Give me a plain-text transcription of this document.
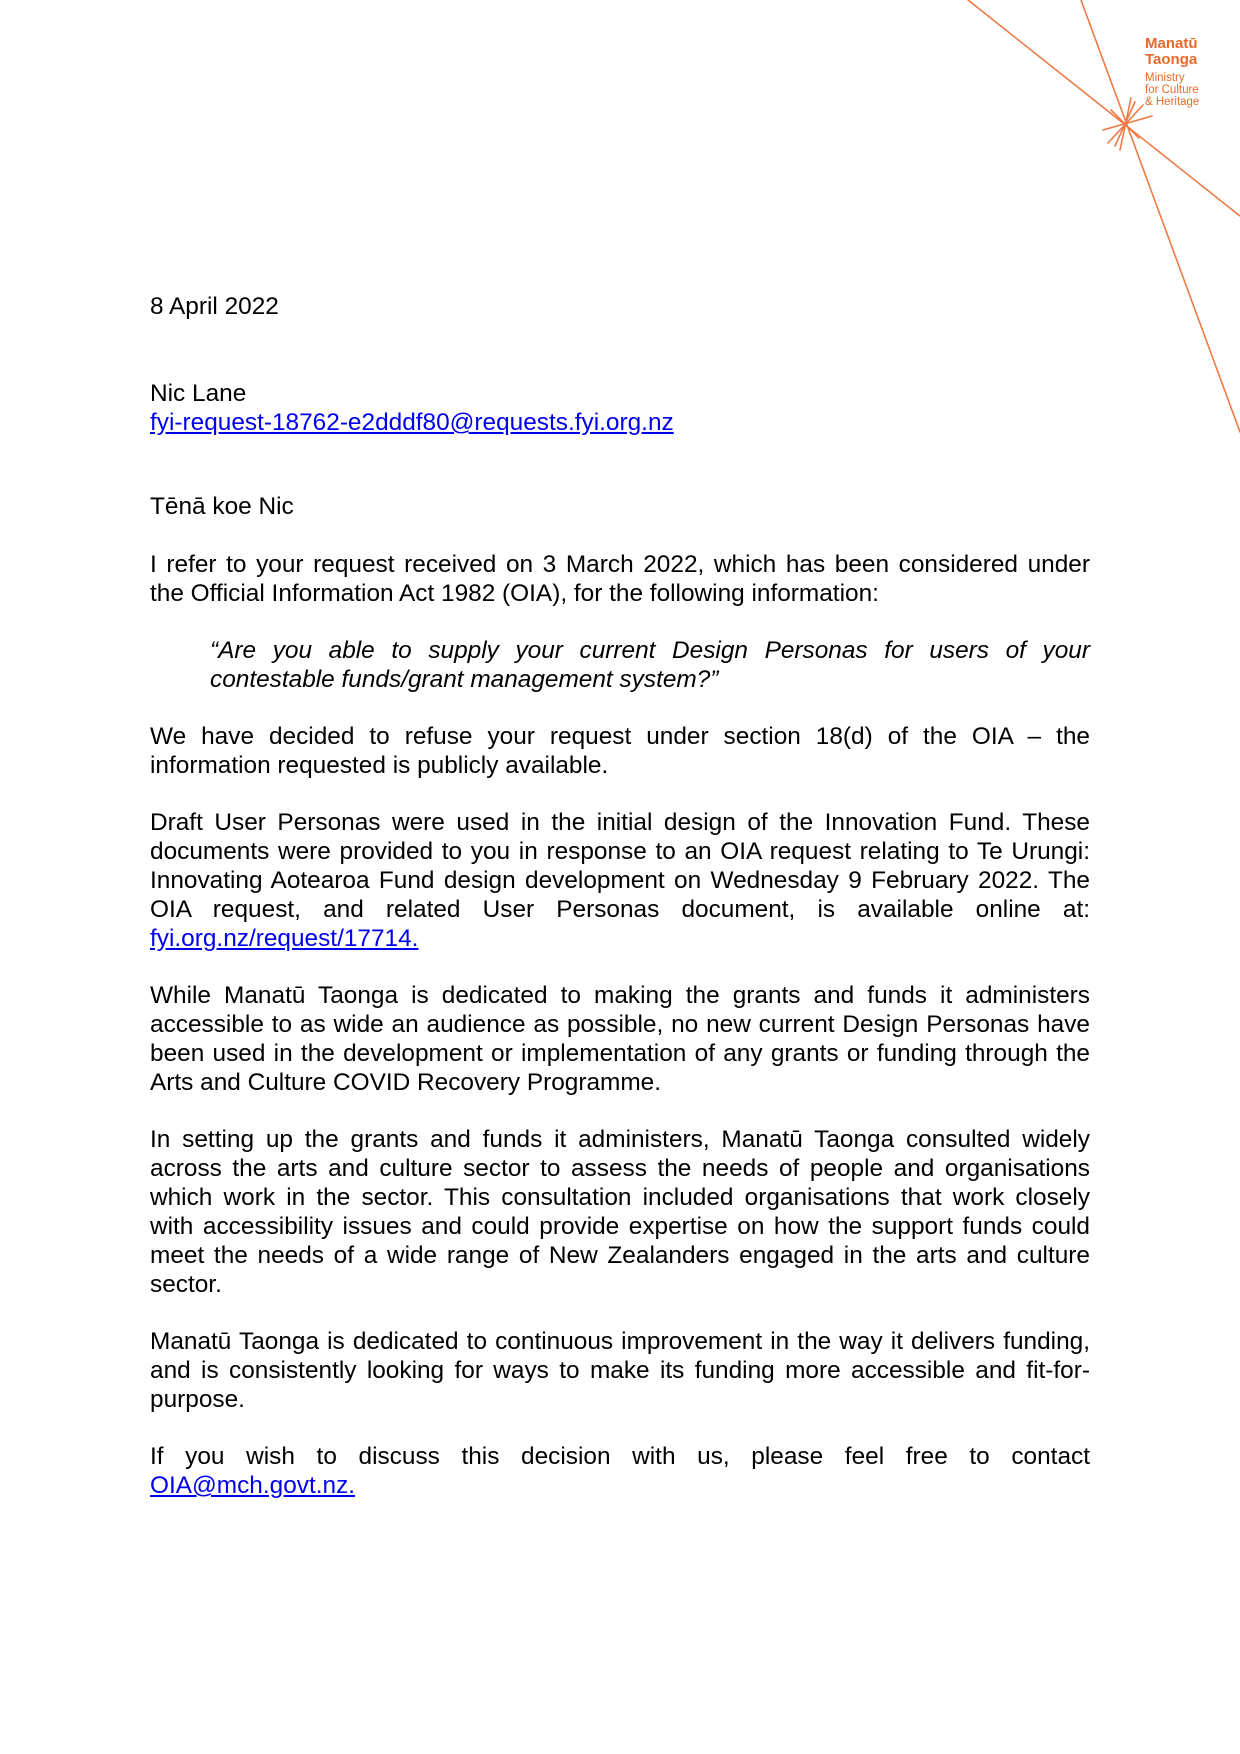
Manatū
Taonga
Ministry
for Culture
& Heritage
8 April 2022
Nic Lane
fyi-request-18762-e2dddf80@requests.fyi.org.nz
Tēnā koe Nic

I refer to your request received on 3 March 2022, which has been considered under the Official Information Act 1982 (OIA), for the following information:

“Are you able to supply your current Design Personas for users of your contestable funds/grant management system?”

We have decided to refuse your request under section 18(d) of the OIA – the information requested is publicly available.

Draft User Personas were used in the initial design of the Innovation Fund. These documents were provided to you in response to an OIA request relating to Te Urungi: Innovating Aotearoa Fund design development on Wednesday 9 February 2022. The OIA request, and related User Personas document, is available online at:
fyi.org.nz/request/17714.

While Manatū Taonga is dedicated to making the grants and funds it administers accessible to as wide an audience as possible, no new current Design Personas have been used in the development or implementation of any grants or funding through the Arts and Culture COVID Recovery Programme.

In setting up the grants and funds it administers, Manatū Taonga consulted widely across the arts and culture sector to assess the needs of people and organisations which work in the sector. This consultation included organisations that work closely with accessibility issues and could provide expertise on how the support funds could meet the needs of a wide range of New Zealanders engaged in the arts and culture sector.

Manatū Taonga is dedicated to continuous improvement in the way it delivers funding, and is consistently looking for ways to make its funding more accessible and fit-for-purpose.

If you wish to discuss this decision with us, please feel free to contact
OIA@mch.govt.nz.
